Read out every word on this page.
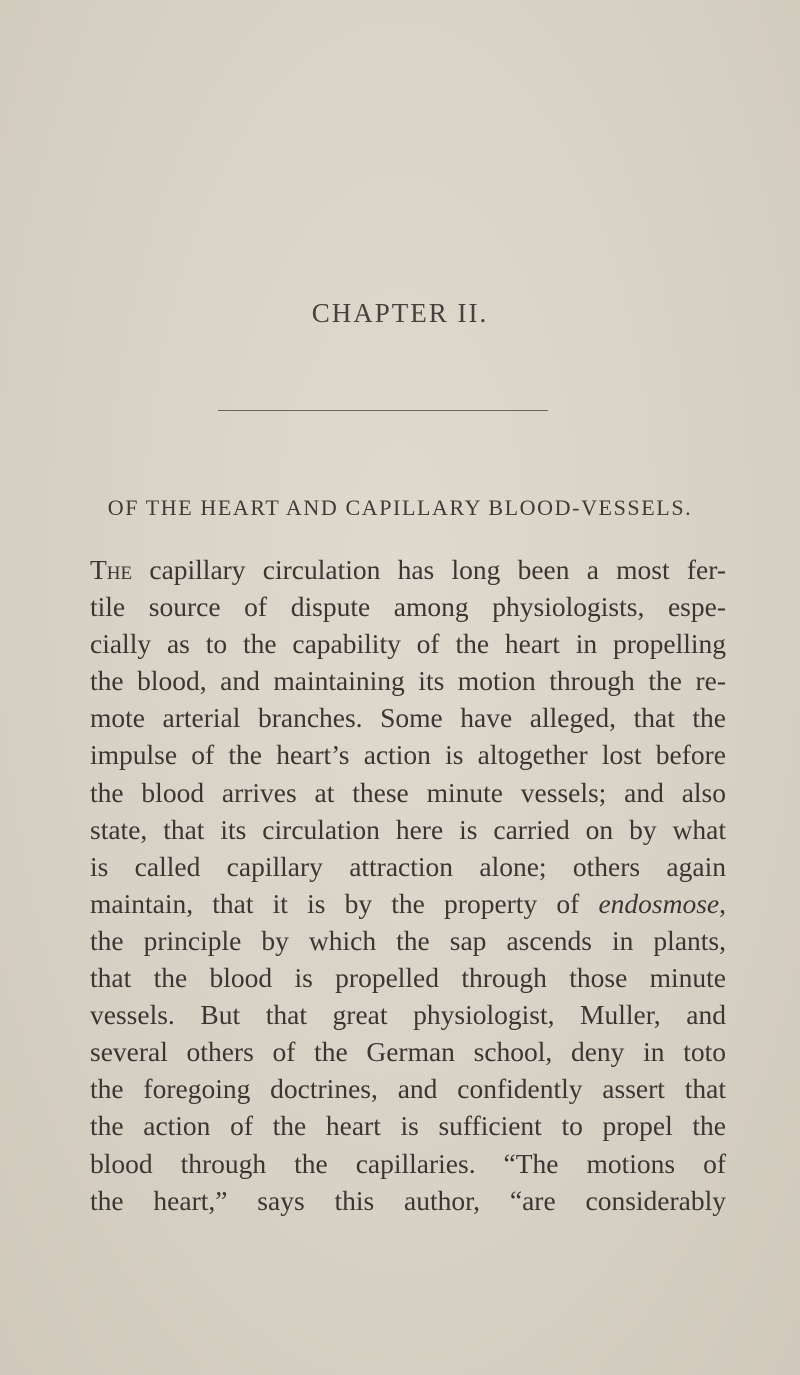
CHAPTER II.
OF THE HEART AND CAPILLARY BLOOD-VESSELS.
The capillary circulation has long been a most fer-
tile source of dispute among physiologists, espe-
cially as to the capability of the heart in propelling
the blood, and maintaining its motion through the re-
mote arterial branches. Some have alleged, that the
impulse of the heart’s action is altogether lost before
the blood arrives at these minute vessels; and also
state, that its circulation here is carried on by what
is called capillary attraction alone; others again
maintain, that it is by the property of endosmose,
the principle by which the sap ascends in plants,
that the blood is propelled through those minute
vessels. But that great physiologist, Muller, and
several others of the German school, deny in toto
the foregoing doctrines, and confidently assert that
the action of the heart is sufficient to propel the
blood through the capillaries. “The motions of
the heart,” says this author, “are considerably
